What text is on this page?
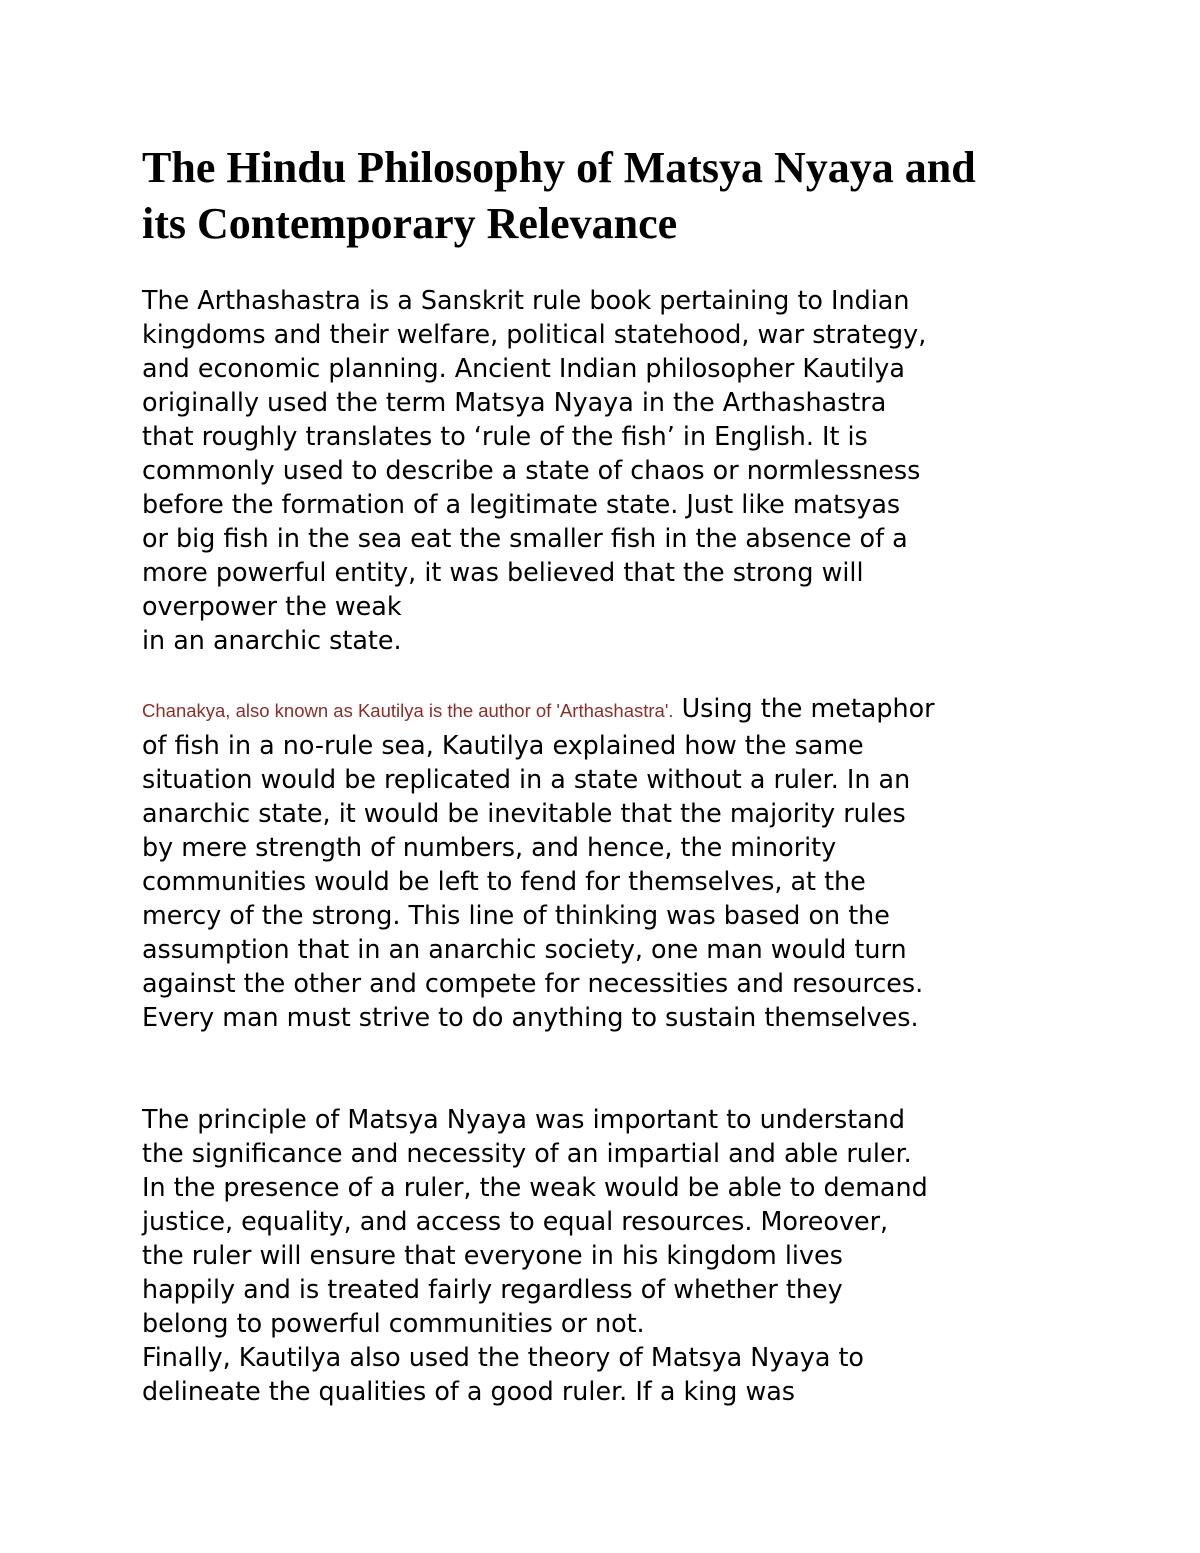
The Hindu Philosophy of Matsya Nyaya and
its Contemporary Relevance

The Arthashastra is a Sanskrit rule book pertaining to Indian
kingdoms and their welfare, political statehood, war strategy,
and economic planning. Ancient Indian philosopher Kautilya
originally used the term Matsya Nyaya in the Arthashastra
that roughly translates to ‘rule of the fish’ in English. It is
commonly used to describe a state of chaos or normlessness
before the formation of a legitimate state. Just like matsyas
or big fish in the sea eat the smaller fish in the absence of a
more powerful entity, it was believed that the strong will
overpower the weak
in an anarchic state.

Chanakya, also known as Kautilya is the author of 'Arthashastra'. Using the metaphor
of fish in a no-rule sea, Kautilya explained how the same
situation would be replicated in a state without a ruler. In an
anarchic state, it would be inevitable that the majority rules
by mere strength of numbers, and hence, the minority
communities would be left to fend for themselves, at the
mercy of the strong. This line of thinking was based on the
assumption that in an anarchic society, one man would turn
against the other and compete for necessities and resources.
Every man must strive to do anything to sustain themselves.

The principle of Matsya Nyaya was important to understand
the significance and necessity of an impartial and able ruler.
In the presence of a ruler, the weak would be able to demand
justice, equality, and access to equal resources. Moreover,
the ruler will ensure that everyone in his kingdom lives
happily and is treated fairly regardless of whether they
belong to powerful communities or not.
Finally, Kautilya also used the theory of Matsya Nyaya to
delineate the qualities of a good ruler. If a king was
